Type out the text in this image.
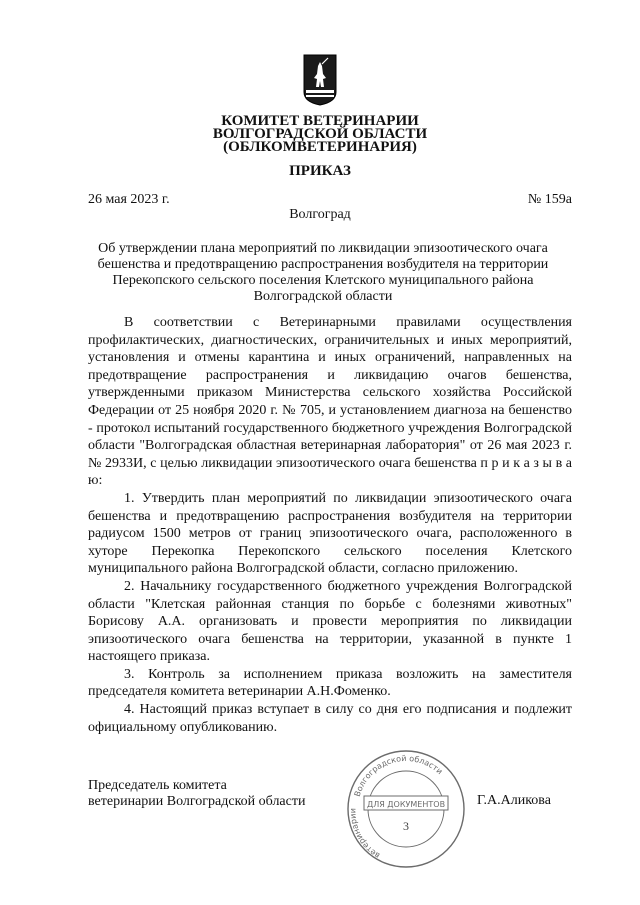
КОМИТЕТ ВЕТЕРИНАРИИ
ВОЛГОГРАДСКОЙ ОБЛАСТИ
(ОБЛКОМВЕТЕРИНАРИЯ)
ПРИКАЗ
26 мая 2023 г.	№ 159а
Волгоград
Об утверждении плана мероприятий по ликвидации эпизоотического очага бешенства и предотвращению распространения возбудителя на территории Перекопского сельского поселения Клетского муниципального района Волгоградской области

В соответствии с Ветеринарными правилами осуществления профилактических, диагностических, ограничительных и иных мероприятий, установления и отмены карантина и иных ограничений, направленных на предотвращение распространения и ликвидацию очагов бешенства, утвержденными приказом Министерства сельского хозяйства Российской Федерации от 25 ноября 2020 г. № 705, и установлением диагноза на бешенство - протокол испытаний государственного бюджетного учреждения Волгоградской области "Волгоградская областная ветеринарная лаборатория" от 26 мая 2023 г. № 2933И, с целью ликвидации эпизоотического очага бешенства п р и к а з ы в а ю:

1. Утвердить план мероприятий по ликвидации эпизоотического очага бешенства и предотвращению распространения возбудителя на территории радиусом 1500 метров от границ эпизоотического очага, расположенного в хуторе Перекопка Перекопского сельского поселения Клетского муниципального района Волгоградской области, согласно приложению.

2. Начальнику государственного бюджетного учреждения Волгоградской области "Клетская районная станция по борьбе с болезнями животных" Борисову А.А. организовать и провести мероприятия по ликвидации эпизоотического очага бешенства на территории, указанной в пункте 1 настоящего приказа.

3. Контроль за исполнением приказа возложить на заместителя председателя комитета ветеринарии А.Н.Фоменко.

4. Настоящий приказ вступает в силу со дня его подписания и подлежит официальному опубликованию.

Председатель комитета
ветеринарии Волгоградской области	Г.А.Аликова
Волгоградской области
ветеринарии
ДЛЯ ДОКУМЕНТОВ
3
